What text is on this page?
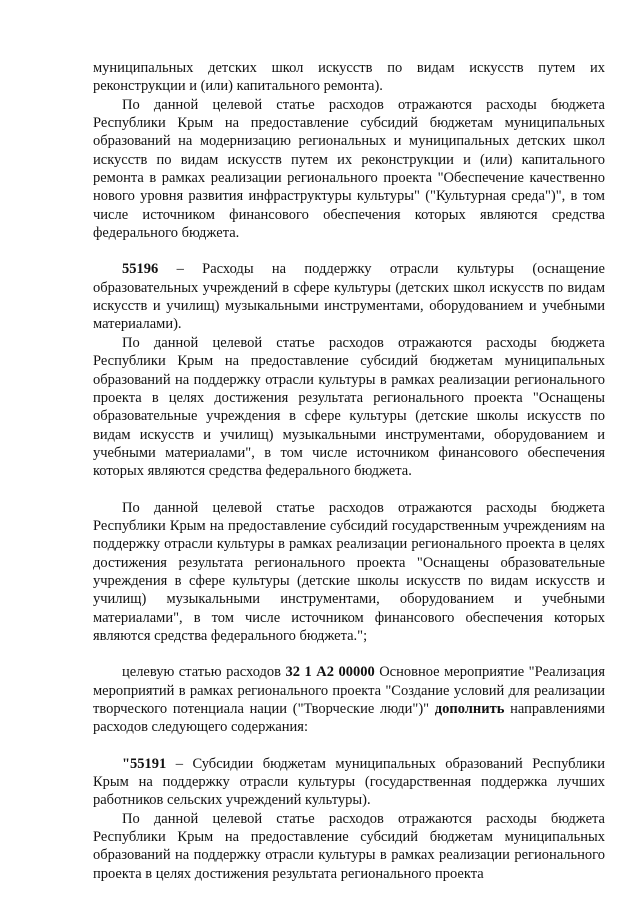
муниципальных детских школ искусств по видам искусств путем их реконструкции и (или) капитального ремонта).

По данной целевой статье расходов отражаются расходы бюджета Республики Крым на предоставление субсидий бюджетам муниципальных образований на модернизацию региональных и муниципальных детских школ искусств по видам искусств путем их реконструкции и (или) капитального ремонта в рамках реализации регионального проекта "Обеспечение качественно нового уровня развития инфраструктуры культуры" ("Культурная среда")", в том числе источником финансового обеспечения которых являются средства федерального бюджета.

55196 – Расходы на поддержку отрасли культуры (оснащение образовательных учреждений в сфере культуры (детских школ искусств по видам искусств и училищ) музыкальными инструментами, оборудованием и учебными материалами).

По данной целевой статье расходов отражаются расходы бюджета Республики Крым на предоставление субсидий бюджетам муниципальных образований на поддержку отрасли культуры в рамках реализации регионального проекта в целях достижения результата регионального проекта "Оснащены образовательные учреждения в сфере культуры (детские школы искусств по видам искусств и училищ) музыкальными инструментами, оборудованием и учебными материалами", в том числе источником финансового обеспечения которых являются средства федерального бюджета.

По данной целевой статье расходов отражаются расходы бюджета Республики Крым на предоставление субсидий государственным учреждениям на поддержку отрасли культуры в рамках реализации регионального проекта в целях достижения результата регионального проекта "Оснащены образовательные учреждения в сфере культуры (детские школы искусств по видам искусств и училищ) музыкальными инструментами, оборудованием и учебными материалами", в том числе источником финансового обеспечения которых являются средства федерального бюджета.";

целевую статью расходов 32 1 А2 00000 Основное мероприятие "Реализация мероприятий в рамках регионального проекта "Создание условий для реализации творческого потенциала нации ("Творческие люди")" дополнить направлениями расходов следующего содержания:

"55191 – Субсидии бюджетам муниципальных образований Республики Крым на поддержку отрасли культуры (государственная поддержка лучших работников сельских учреждений культуры).

По данной целевой статье расходов отражаются расходы бюджета Республики Крым на предоставление субсидий бюджетам муниципальных образований на поддержку отрасли культуры в рамках реализации регионального проекта в целях достижения результата регионального проекта
